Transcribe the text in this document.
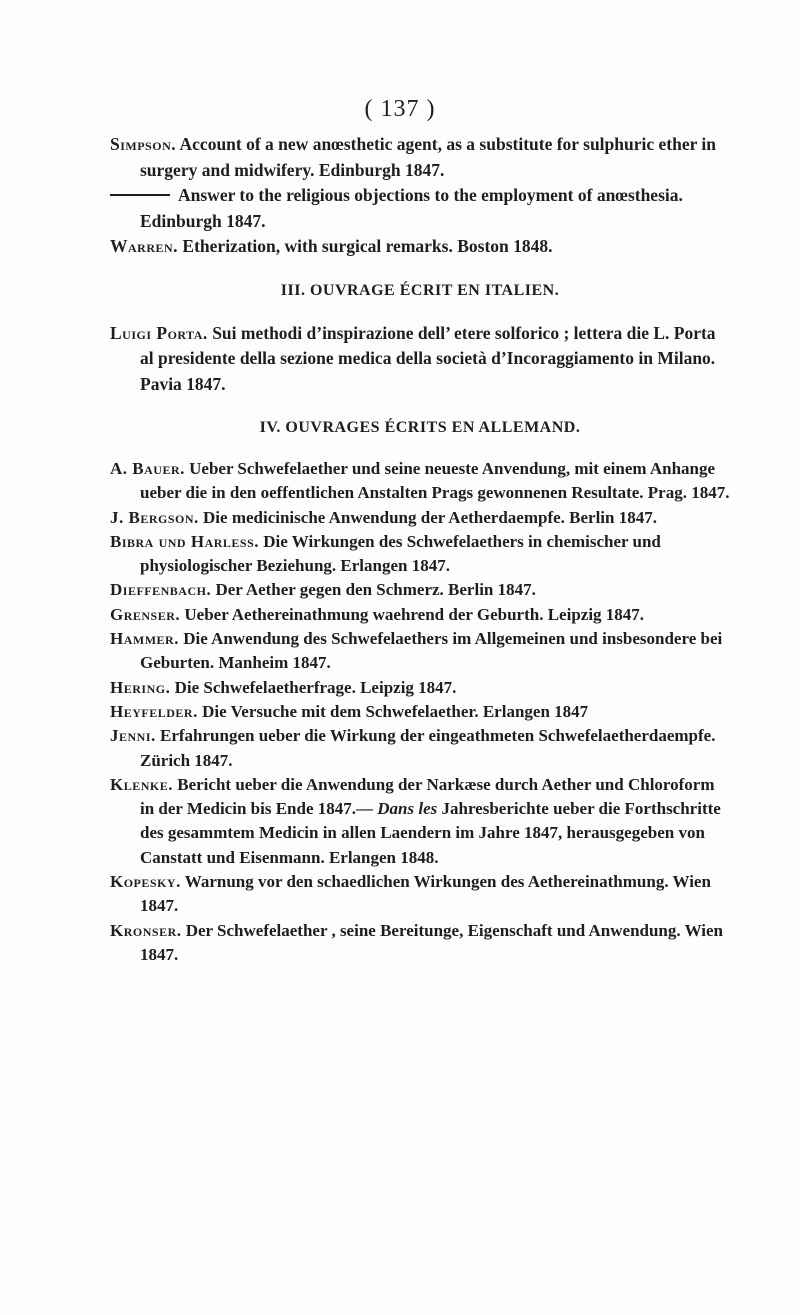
( 137 )

Simpson. Account of a new anœsthetic agent, as a substitute for sulphuric ether in surgery and midwifery. Edinburgh 1847.

Answer to the religious objections to the employment of anœsthesia. Edinburgh 1847.

Warren. Etherization, with surgical remarks. Boston 1848.

III. OUVRAGE ÉCRIT EN ITALIEN.

Luigi Porta. Sui methodi d’inspirazione dell’ etere solforico ; lettera die L. Porta al presidente della sezione medica della società d’Incoraggiamento in Milano. Pavia 1847.

IV. OUVRAGES ÉCRITS EN ALLEMAND.

A. Bauer. Ueber Schwefelaether und seine neueste Anvendung, mit einem Anhange ueber die in den oeffentlichen Anstalten Prags gewonnenen Resultate. Prag. 1847.

J. Bergson. Die medicinische Anwendung der Aetherdaempfe. Berlin 1847.

Bibra und Harless. Die Wirkungen des Schwefelaethers in chemischer und physiologischer Beziehung. Erlangen 1847.

Dieffenbach. Der Aether gegen den Schmerz. Berlin 1847.

Grenser. Ueber Aethereinathmung waehrend der Geburth. Leipzig 1847.

Hammer. Die Anwendung des Schwefelaethers im Allgemeinen und insbesondere bei Geburten. Manheim 1847.

Hering. Die Schwefelaetherfrage. Leipzig 1847.

Heyfelder. Die Versuche mit dem Schwefelaether. Erlangen 1847

Jenni. Erfahrungen ueber die Wirkung der eingeathmeten Schwefelaetherdaempfe. Zürich 1847.

Klenke. Bericht ueber die Anwendung der Narkæse durch Aether und Chloroform in der Medicin bis Ende 1847.— Dans les Jahresberichte ueber die Forthschritte des gesammtem Medicin in allen Laendern im Jahre 1847, herausgegeben von Canstatt und Eisenmann. Erlangen 1848.

Kopesky. Warnung vor den schaedlichen Wirkungen des Aethereinathmung. Wien 1847.

Kronser. Der Schwefelaether , seine Bereitunge, Eigenschaft und Anwendung. Wien 1847.
